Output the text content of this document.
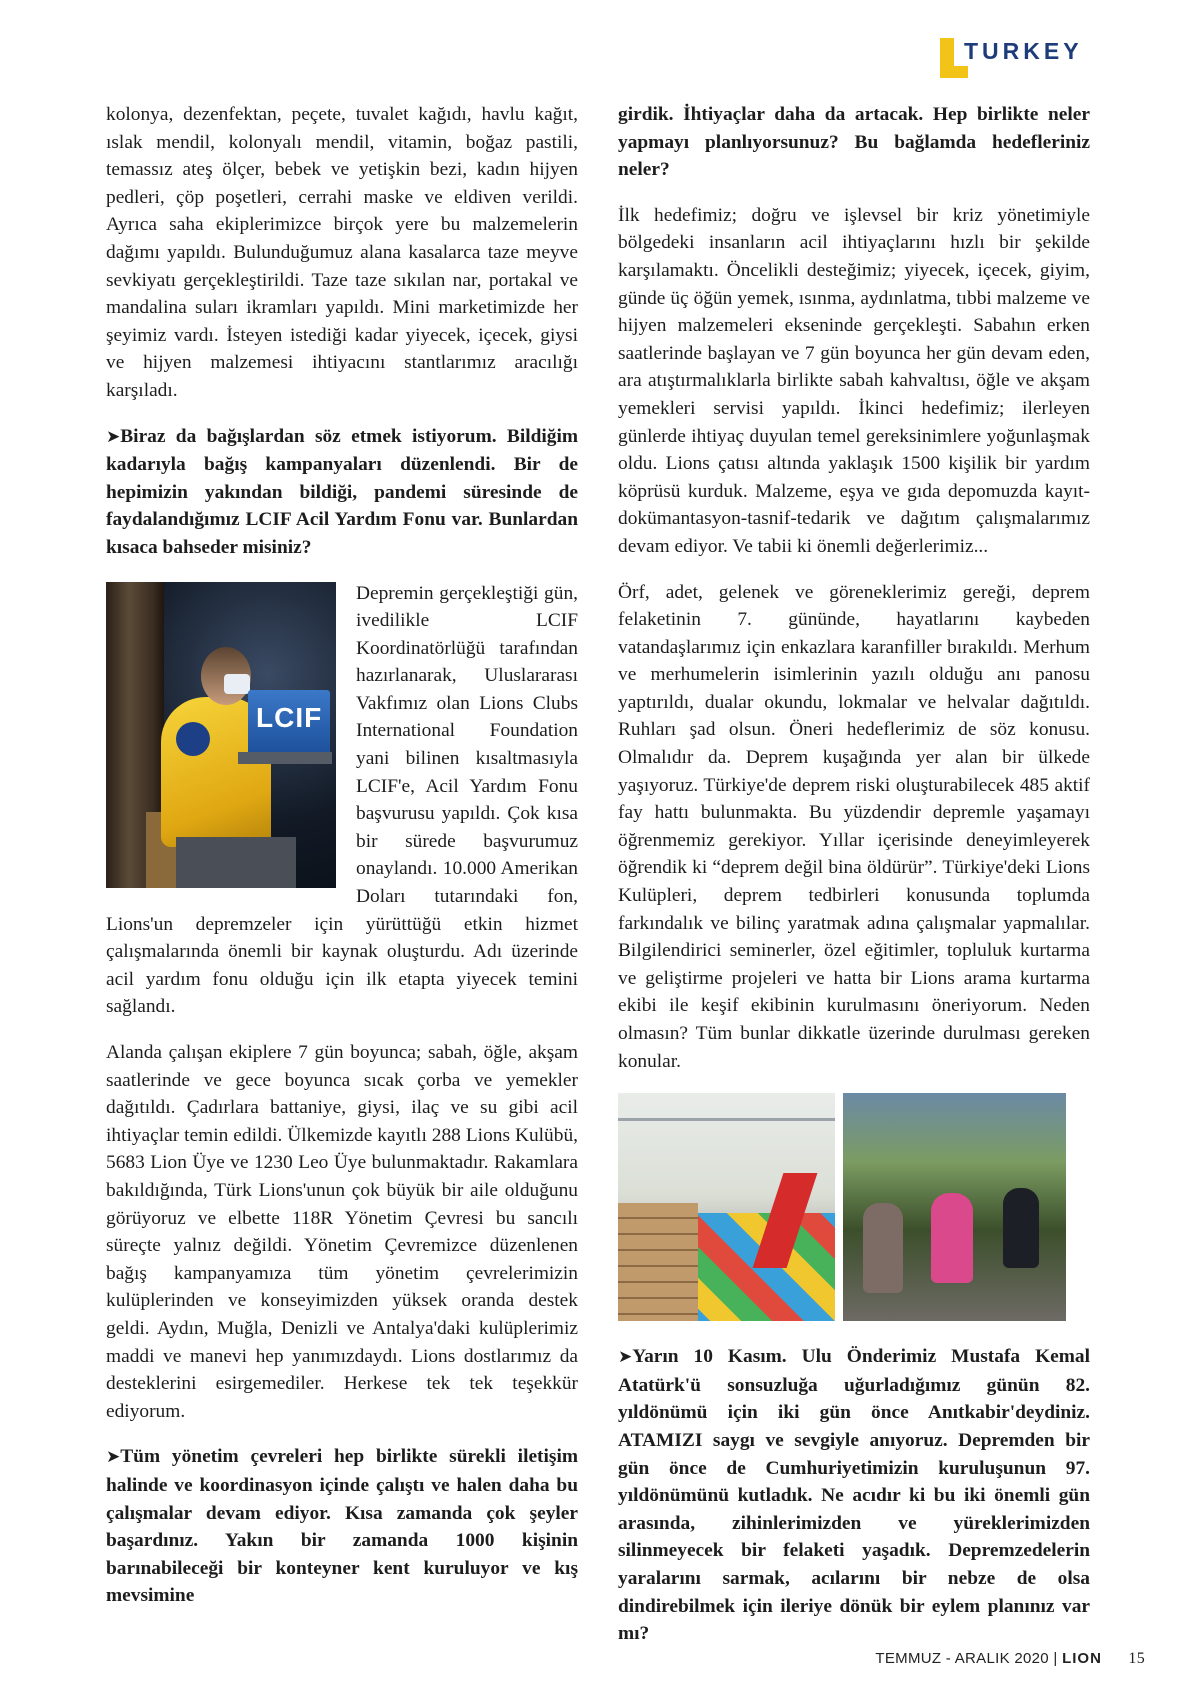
TURKEY

kolonya, dezenfektan, peçete, tuvalet kağıdı, havlu kağıt, ıslak mendil, kolonyalı mendil, vitamin, boğaz pastili, temassız ateş ölçer, bebek ve yetişkin bezi, kadın hijyen pedleri, çöp poşetleri, cerrahi maske ve eldiven verildi. Ayrıca saha ekiplerimizce birçok yere bu malzemelerin dağımı yapıldı. Bulunduğumuz alana kasalarca taze meyve sevkiyatı gerçekleştirildi. Taze taze sıkılan nar, portakal ve mandalina suları ikramları yapıldı. Mini marketimizde her şeyimiz vardı. İsteyen istediği kadar yiyecek, içecek, giysi ve hijyen malzemesi ihtiyacını stantlarımız aracılığı karşıladı.

➤Biraz da bağışlardan söz etmek istiyorum. Bildiğim kadarıyla bağış kampanyaları düzenlendi. Bir de hepimizin yakından bildiği, pandemi süresinde de faydalandığımız LCIF Acil Yardım Fonu var. Bunlardan kısaca bahseder misiniz?

LCIF

Depremin gerçekleştiği gün, ivedilikle LCIF Koordinatörlüğü tarafından hazırlanarak, Uluslararası Vakfımız olan Lions Clubs International Foundation yani bilinen kısaltmasıyla LCIF'e, Acil Yardım Fonu başvurusu yapıldı. Çok kısa bir sürede başvurumuz onaylandı. 10.000 Amerikan Doları tutarındaki fon, Lions'un depremzeler için yürüttüğü etkin hizmet çalışmalarında önemli bir kaynak oluşturdu. Adı üzerinde acil yardım fonu olduğu için ilk etapta yiyecek temini sağlandı.

Alanda çalışan ekiplere 7 gün boyunca; sabah, öğle, akşam saatlerinde ve gece boyunca sıcak çorba ve yemekler dağıtıldı. Çadırlara battaniye, giysi, ilaç ve su gibi acil ihtiyaçlar temin edildi. Ülkemizde kayıtlı 288 Lions Kulübü, 5683 Lion Üye ve 1230 Leo Üye bulunmaktadır. Rakamlara bakıldığında, Türk Lions'unun çok büyük bir aile olduğunu görüyoruz ve elbette 118R Yönetim Çevresi bu sancılı süreçte yalnız değildi. Yönetim Çevremizce düzenlenen bağış kampanyamıza tüm yönetim çevrelerimizin kulüplerinden ve konseyimizden yüksek oranda destek geldi. Aydın, Muğla, Denizli ve Antalya'daki kulüplerimiz maddi ve manevi hep yanımızdaydı. Lions dostlarımız da desteklerini esirgemediler. Herkese tek tek teşekkür ediyorum.

➤Tüm yönetim çevreleri hep birlikte sürekli iletişim halinde ve koordinasyon içinde çalıştı ve halen daha bu çalışmalar devam ediyor. Kısa zamanda çok şeyler başardınız. Yakın bir zamanda 1000 kişinin barınabileceği bir konteyner kent kuruluyor ve kış mevsimine

girdik. İhtiyaçlar daha da artacak. Hep birlikte neler yapmayı planlıyorsunuz? Bu bağlamda hedefleriniz neler?

İlk hedefimiz; doğru ve işlevsel bir kriz yönetimiyle bölgedeki insanların acil ihtiyaçlarını hızlı bir şekilde karşılamaktı. Öncelikli desteğimiz; yiyecek, içecek, giyim, günde üç öğün yemek, ısınma, aydınlatma, tıbbi malzeme ve hijyen malzemeleri ekseninde gerçekleşti. Sabahın erken saatlerinde başlayan ve 7 gün boyunca her gün devam eden, ara atıştırmalıklarla birlikte sabah kahvaltısı, öğle ve akşam yemekleri servisi yapıldı. İkinci hedefimiz; ilerleyen günlerde ihtiyaç duyulan temel gereksinimlere yoğunlaşmak oldu. Lions çatısı altında yaklaşık 1500 kişilik bir yardım köprüsü kurduk. Malzeme, eşya ve gıda depomuzda kayıt-dokümantasyon-tasnif-tedarik ve dağıtım çalışmalarımız devam ediyor. Ve tabii ki önemli değerlerimiz...

Örf, adet, gelenek ve göreneklerimiz gereği, deprem felaketinin 7. gününde, hayatlarını kaybeden vatandaşlarımız için enkazlara karanfiller bırakıldı. Merhum ve merhumelerin isimlerinin yazılı olduğu anı panosu yaptırıldı, dualar okundu, lokmalar ve helvalar dağıtıldı. Ruhları şad olsun. Öneri hedeflerimiz de söz konusu. Olmalıdır da. Deprem kuşağında yer alan bir ülkede yaşıyoruz. Türkiye'de deprem riski oluşturabilecek 485 aktif fay hattı bulunmakta. Bu yüzdendir depremle yaşamayı öğrenmemiz gerekiyor. Yıllar içerisinde deneyimleyerek öğrendik ki “deprem değil bina öldürür”. Türkiye'deki Lions Kulüpleri, deprem tedbirleri konusunda toplumda farkındalık ve bilinç yaratmak adına çalışmalar yapmalılar. Bilgilendirici seminerler, özel eğitimler, topluluk kurtarma ve geliştirme projeleri ve hatta bir Lions arama kurtarma ekibi ile keşif ekibinin kurulmasını öneriyorum. Neden olmasın? Tüm bunlar dikkatle üzerinde durulması gereken konular.

➤Yarın 10 Kasım. Ulu Önderimiz Mustafa Kemal Atatürk'ü sonsuzluğa uğurladığımız günün 82. yıldönümü için iki gün önce Anıtkabir'deydiniz. ATAMIZI saygı ve sevgiyle anıyoruz. Depremden bir gün önce de Cumhuriyetimizin kuruluşunun 97. yıldönümünü kutladık. Ne acıdır ki bu iki önemli gün arasında, zihinlerimizden ve yüreklerimizden silinmeyecek bir felaketi yaşadık. Depremzedelerin yaralarını sarmak, acılarını bir nebze de olsa dindirebilmek için ileriye dönük bir eylem planınız var mı?

TEMMUZ - ARALIK 2020 | LION 15
